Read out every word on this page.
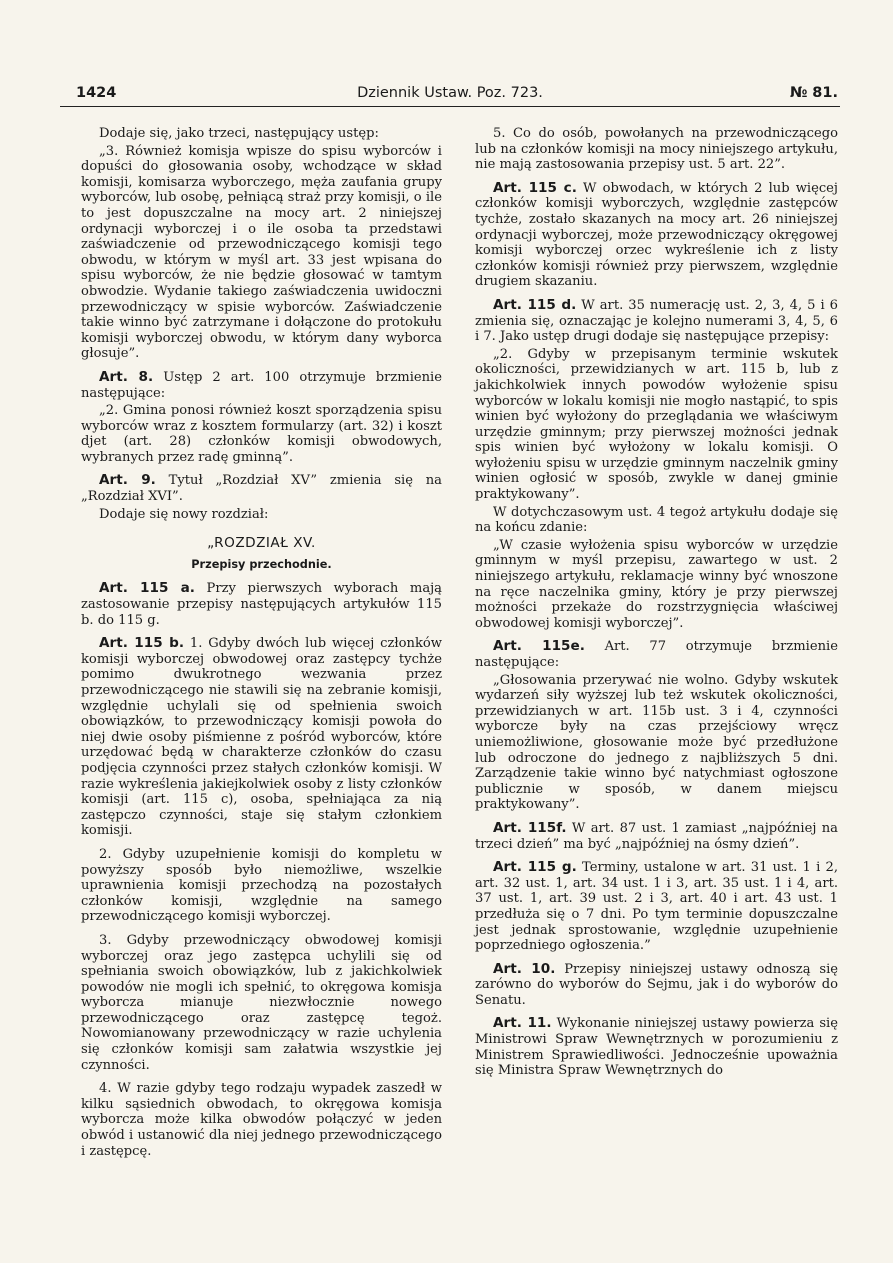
1424	Dziennik Ustaw. Poz. 723.	№ 81.

Dodaje się, jako trzeci, następujący ustęp:

„3. Również komisja wpisze do spisu wyborców i dopuści do głosowania osoby, wchodzące w skład komisji, komisarza wyborczego, męża zaufania grupy wyborców, lub osobę, pełniącą straż przy komisji, o ile to jest dopuszczalne na mocy art. 2 niniejszej ordynacji wyborczej i o ile osoba ta przedstawi zaświadczenie od przewodniczącego komisji tego obwodu, w którym w myśl art. 33 jest wpisana do spisu wyborców, że nie będzie głosować w tamtym obwodzie. Wydanie takiego zaświadczenia uwidoczni przewodniczący w spisie wyborców. Zaświadczenie takie winno być zatrzymane i dołączone do protokułu komisji wyborczej obwodu, w którym dany wyborca głosuje”.

Art. 8. Ustęp 2 art. 100 otrzymuje brzmienie następujące:

„2. Gmina ponosi również koszt sporządzenia spisu wyborców wraz z kosztem formularzy (art. 32) i koszt djet (art. 28) członków komisji obwodowych, wybranych przez radę gminną”.

Art. 9. Tytuł „Rozdział XV” zmienia się na „Rozdział XVI”.

Dodaje się nowy rozdział:

„ROZDZIAŁ XV.

Przepisy przechodnie.

Art. 115 a. Przy pierwszych wyborach mają zastosowanie przepisy następujących artykułów 115 b. do 115 g.

Art. 115 b. 1. Gdyby dwóch lub więcej członków komisji wyborczej obwodowej oraz zastępcy tychże pomimo dwukrotnego wezwania przez przewodniczącego nie stawili się na zebranie komisji, względnie uchylali się od spełnienia swoich obowiązków, to przewodniczący komisji powoła do niej dwie osoby piśmienne z pośród wyborców, które urzędować będą w charakterze członków do czasu podjęcia czynności przez stałych członków komisji. W razie wykreślenia jakiejkolwiek osoby z listy członków komisji (art. 115 c), osoba, spełniająca za nią zastępczo czynności, staje się stałym członkiem komisji.

2. Gdyby uzupełnienie komisji do kompletu w powyższy sposób było niemożliwe, wszelkie uprawnienia komisji przechodzą na pozostałych członków komisji, względnie na samego przewodniczącego komisji wyborczej.

3. Gdyby przewodniczący obwodowej komisji wyborczej oraz jego zastępca uchylili się od spełniania swoich obowiązków, lub z jakichkolwiek powodów nie mogli ich spełnić, to okręgowa komisja wyborcza mianuje niezwłocznie nowego przewodniczącego oraz zastępcę tegoż. Nowomianowany przewodniczący w razie uchylenia się członków komisji sam załatwia wszystkie jej czynności.

4. W razie gdyby tego rodzaju wypadek zaszedł w kilku sąsiednich obwodach, to okręgowa komisja wyborcza może kilka obwodów połączyć w jeden obwód i ustanowić dla niej jednego przewodniczącego i zastępcę.

5. Co do osób, powołanych na przewodniczącego lub na członków komisji na mocy niniejszego artykułu, nie mają zastosowania przepisy ust. 5 art. 22”.

Art. 115 c. W obwodach, w których 2 lub więcej członków komisji wyborczych, względnie zastępców tychże, zostało skazanych na mocy art. 26 niniejszej ordynacji wyborczej, może przewodniczący okręgowej komisji wyborczej orzec wykreślenie ich z listy członków komisji również przy pierwszem, względnie drugiem skazaniu.

Art. 115 d. W art. 35 numerację ust. 2, 3, 4, 5 i 6 zmienia się, oznaczając je kolejno numerami 3, 4, 5, 6 i 7. Jako ustęp drugi dodaje się następujące przepisy:

„2. Gdyby w przepisanym terminie wskutek okoliczności, przewidzianych w art. 115 b, lub z jakichkolwiek innych powodów wyłożenie spisu wyborców w lokalu komisji nie mogło nastąpić, to spis winien być wyłożony do przeglądania we właściwym urzędzie gminnym; przy pierwszej możności jednak spis winien być wyłożony w lokalu komisji. O wyłożeniu spisu w urzędzie gminnym naczelnik gminy winien ogłosić w sposób, zwykle w danej gminie praktykowany”.

W dotychczasowym ust. 4 tegoż artykułu dodaje się na końcu zdanie:

„W czasie wyłożenia spisu wyborców w urzędzie gminnym w myśl przepisu, zawartego w ust. 2 niniejszego artykułu, reklamacje winny być wnoszone na ręce naczelnika gminy, który je przy pierwszej możności przekaże do rozstrzygnięcia właściwej obwodowej komisji wyborczej”.

Art. 115e. Art. 77 otrzymuje brzmienie następujące:

„Głosowania przerywać nie wolno. Gdyby wskutek wydarzeń siły wyższej lub też wskutek okoliczności, przewidzianych w art. 115b ust. 3 i 4, czynności wyborcze były na czas przejściowy wręcz uniemożliwione, głosowanie może być przedłużone lub odroczone do jednego z najbliższych 5 dni. Zarządzenie takie winno być natychmiast ogłoszone publicznie w sposób, w danem miejscu praktykowany”.

Art. 115f. W art. 87 ust. 1 zamiast „najpóźniej na trzeci dzień” ma być „najpóźniej na ósmy dzień”.

Art. 115 g. Terminy, ustalone w art. 31 ust. 1 i 2, art. 32 ust. 1, art. 34 ust. 1 i 3, art. 35 ust. 1 i 4, art. 37 ust. 1, art. 39 ust. 2 i 3, art. 40 i art. 43 ust. 1 przedłuża się o 7 dni. Po tym terminie dopuszczalne jest jednak sprostowanie, względnie uzupełnienie poprzedniego ogłoszenia.”

Art. 10. Przepisy niniejszej ustawy odnoszą się zarówno do wyborów do Sejmu, jak i do wyborów do Senatu.

Art. 11. Wykonanie niniejszej ustawy powierza się Ministrowi Spraw Wewnętrznych w porozumieniu z Ministrem Sprawiedliwości. Jednocześnie upoważnia się Ministra Spraw Wewnętrznych do
